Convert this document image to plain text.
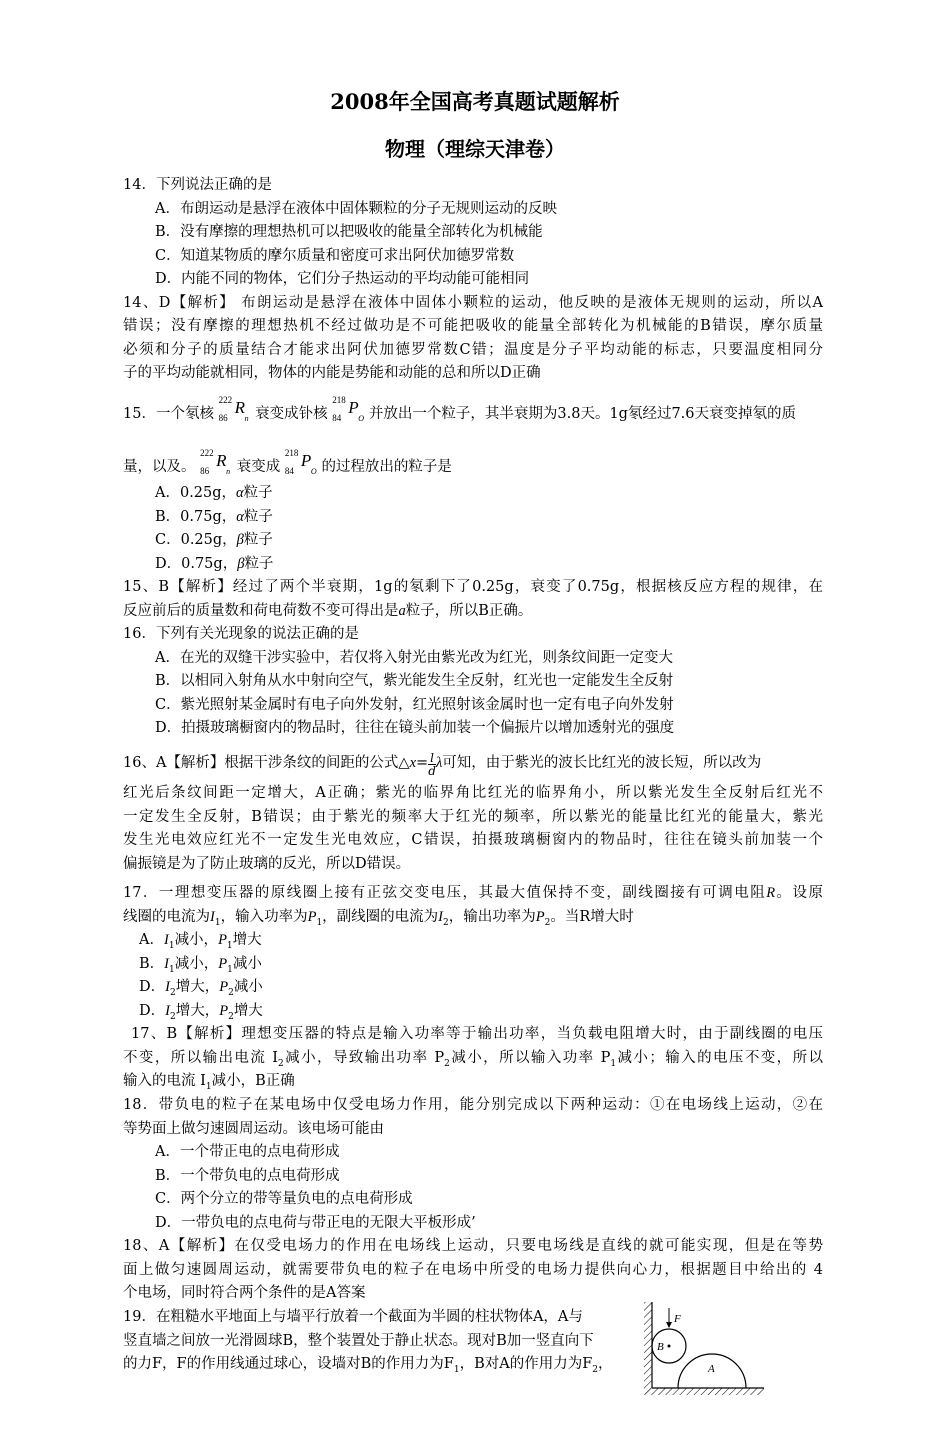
2008年全国高考真题试题解析
物理（理综天津卷）
14．下列说法正确的是
A．布朗运动是悬浮在液体中固体颗粒的分子无规则运动的反映
B．没有摩擦的理想热机可以把吸收的能量全部转化为机械能
C．知道某物质的摩尔质量和密度可求出阿伏加德罗常数
D．内能不同的物体，它们分子热运动的平均动能可能相同
14、D【解析】 布朗运动是悬浮在液体中固体小颗粒的运动，他反映的是液体无规则的运动，所以A
错误；没有摩擦的理想热机不经过做功是不可能把吸收的能量全部转化为机械能的B错误，摩尔质量
必须和分子的质量结合才能求出阿伏加德罗常数C错；温度是分子平均动能的标志，只要温度相同分
子的平均动能就相同，物体的内能是势能和动能的总和所以D正确
15．一个氡核
222
86
R
n 衰变成钋核
218
84
P
O 并放出一个粒子，其半衰期为3.8天。1g氡经过7.6天衰变掉氡的质
量，以及。
222
86
R
n 衰变成
218
84
P
O 的过程放出的粒子是
A．0.25g，α粒子
B．0.75g，α粒子
C．0.25g，β粒子
D．0.75g，β粒子
15、B【解析】经过了两个半衰期，1g的氡剩下了0.25g，衰变了0.75g，根据核反应方程的规律，在
反应前后的质量数和荷电荷数不变可得出是a粒子，所以B正确。
16．下列有关光现象的说法正确的是
A．在光的双缝干涉实验中，若仅将入射光由紫光改为红光，则条纹间距一定变大
B．以相同入射角从水中射向空气，紫光能发生全反射，红光也一定能发生全反射
C．紫光照射某金属时有电子向外发射，红光照射该金属时也一定有电子向外发射
D．拍摄玻璃橱窗内的物品时，往往在镜头前加装一个偏振片以增加透射光的强度
16、A【解析】根据干涉条纹的间距的公式△x= $\frac{l}{d}$ λ可知，由于紫光的波长比红光的波长短，所以改为
红光后条纹间距一定增大，A正确；紫光的临界角比红光的临界角小，所以紫光发生全反射后红光不
一定发生全反射，B错误；由于紫光的频率大于红光的频率，所以紫光的能量比红光的能量大，紫光
发生光电效应红光不一定发生光电效应，C错误，拍摄玻璃橱窗内的物品时，往往在镜头前加装一个
偏振镜是为了防止玻璃的反光，所以D错误。
17．一理想变压器的原线圈上接有正弦交变电压，其最大值保持不变，副线圈接有可调电阻R。设原
线圈的电流为$I_1$，输入功率为$P_1$，副线圈的电流为$I_2$，输出功率为$P_2$。当R增大时
A．$I_1$减小，$P_1$增大
B．$I_1$减小，$P_1$减小
D．$I_2$增大，$P_2$减小
D．$I_2$增大，$P_2$增大
17、B【解析】理想变压器的特点是输入功率等于输出功率，当负载电阻增大时，由于副线圈的电压
不变，所以输出电流 $I_2$减小，导致输出功率 $P_2$减小，所以输入功率 $P_1$减小；输入的电压不变，所以
输入的电流 $I_1$减小，B正确
18．带负电的粒子在某电场中仅受电场力作用，能分别完成以下两种运动：①在电场线上运动，②在
等势面上做匀速圆周运动。该电场可能由
A．一个带正电的点电荷形成
B．一个带负电的点电荷形成
C．两个分立的带等量负电的点电荷形成
D．一带负电的点电荷与带正电的无限大平板形成’
18、A【解析】在仅受电场力的作用在电场线上运动，只要电场线是直线的就可能实现，但是在等势
面上做匀速圆周运动，就需要带负电的粒子在电场中所受的电场力提供向心力，根据题目中给出的 4
个电场，同时符合两个条件的是A答案
19．在粗糙水平地面上与墙平行放着一个截面为半圆的柱状物体A，A与
竖直墙之间放一光滑圆球B，整个装置处于静止状态。现对B加一竖直向下
的力F，F的作用线通过球心，设墙对B的作用力为$F_1$，B对A的作用力为$F_2$，
F
B
A
